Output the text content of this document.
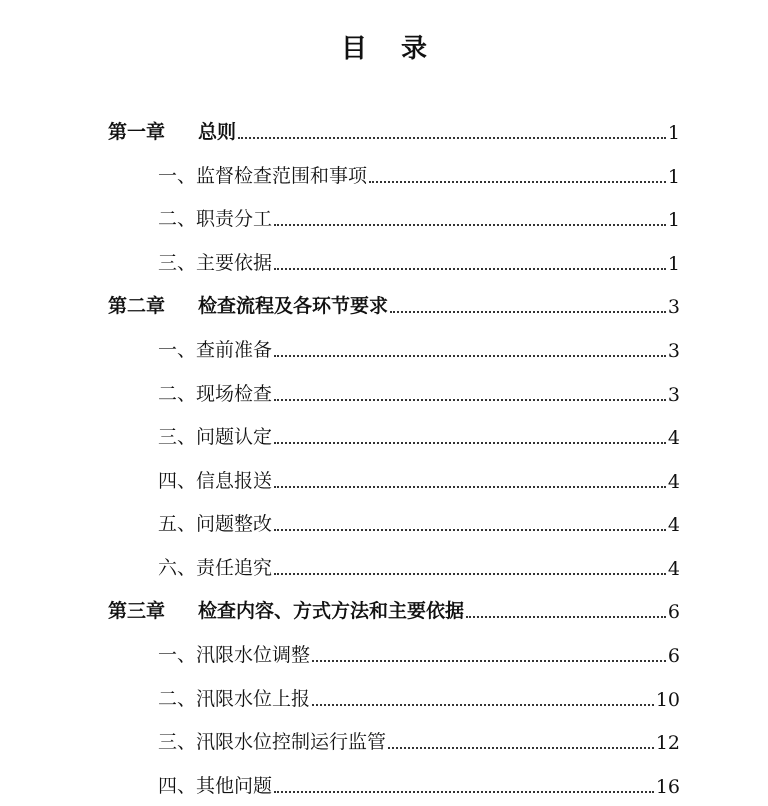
目 录
第一章 总则	1
一、监督检查范围和事项	1
二、职责分工	1
三、主要依据	1
第二章 检查流程及各环节要求	3
一、查前准备	3
二、现场检查	3
三、问题认定	4
四、信息报送	4
五、问题整改	4
六、责任追究	4
第三章 检查内容、方式方法和主要依据	6
一、汛限水位调整	6
二、汛限水位上报	10
三、汛限水位控制运行监管	12
四、其他问题	16
